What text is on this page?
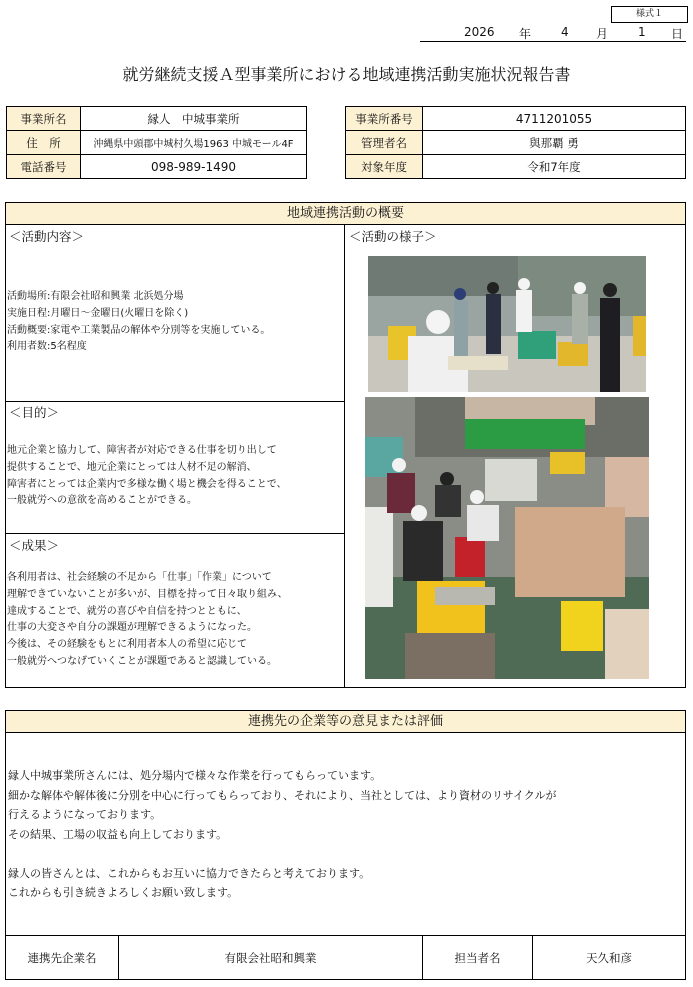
様式１
2026 年 4 月 1 日
就労継続支援Ａ型事業所における地域連携活動実施状況報告書
事業所名	縁人　中城事業所
住　所	沖縄県中頭郡中城村久場1963 中城モール4F
電話番号	098-989-1490
事業所番号	4711201055
管理者名	與那覇 勇
対象年度	令和7年度
地域連携活動の概要
＜活動内容＞
活動場所:有限会社昭和興業 北浜処分場
実施日程:月曜日～金曜日(火曜日を除く)
活動概要:家電や工業製品の解体や分別等を実施している。
利用者数:5名程度
＜目的＞
地元企業と協力して、障害者が対応できる仕事を切り出して
提供することで、地元企業にとっては人材不足の解消、
障害者にとっては企業内で多様な働く場と機会を得ることで、
一般就労への意欲を高めることができる。
＜成果＞
各利用者は、社会経験の不足から「仕事」「作業」について
理解できていないことが多いが、目標を持って日々取り組み、
達成することで、就労の喜びや自信を持つとともに、
仕事の大変さや自分の課題が理解できるようになった。
今後は、その経験をもとに利用者本人の希望に応じて
一般就労へつなげていくことが課題であると認識している。
＜活動の様子＞
連携先の企業等の意見または評価
縁人中城事業所さんには、処分場内で様々な作業を行ってもらっています。
細かな解体や解体後に分別を中心に行ってもらっており、それにより、当社としては、より資材のリサイクルが
行えるようになっております。
その結果、工場の収益も向上しております。
縁人の皆さんとは、これからもお互いに協力できたらと考えております。
これからも引き続きよろしくお願い致します。
連携先企業名	有限会社昭和興業	担当者名	天久和彦
